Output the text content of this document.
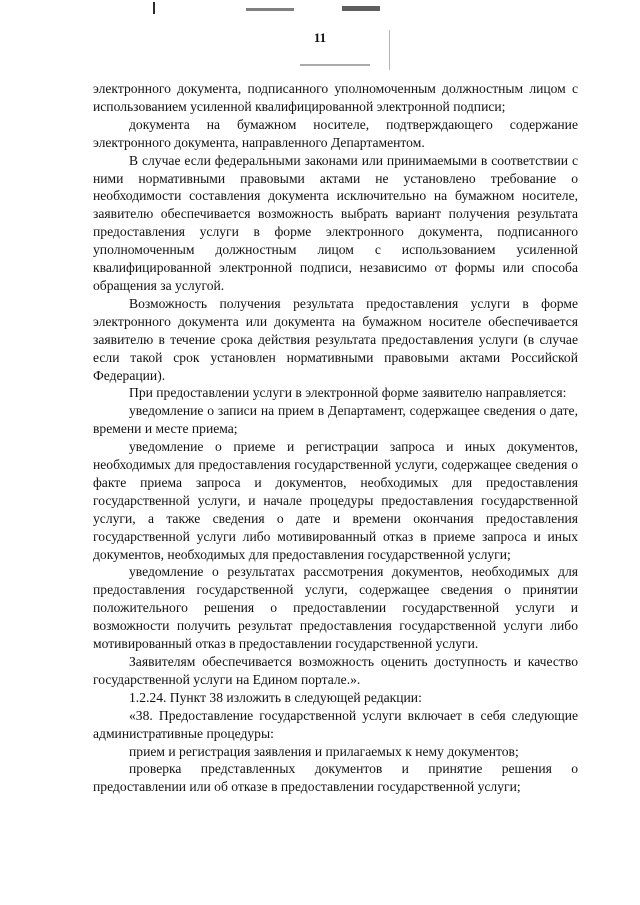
11

электронного документа, подписанного уполномоченным должностным лицом с использованием усиленной квалифицированной электронной подписи;

документа на бумажном носителе, подтверждающего содержание электронного документа, направленного Департаментом.

В случае если федеральными законами или принимаемыми в соответствии с ними нормативными правовыми актами не установлено требование о необходимости составления документа исключительно на бумажном носителе, заявителю обеспечивается возможность выбрать вариант получения результата предоставления услуги в форме электронного документа, подписанного уполномоченным должностным лицом с использованием усиленной квалифицированной электронной подписи, независимо от формы или способа обращения за услугой.

Возможность получения результата предоставления услуги в форме электронного документа или документа на бумажном носителе обеспечивается заявителю в течение срока действия результата предоставления услуги (в случае если такой срок установлен нормативными правовыми актами Российской Федерации).

При предоставлении услуги в электронной форме заявителю направляется:

уведомление о записи на прием в Департамент, содержащее сведения о дате, времени и месте приема;

уведомление о приеме и регистрации запроса и иных документов, необходимых для предоставления государственной услуги, содержащее сведения о факте приема запроса и документов, необходимых для предоставления государственной услуги, и начале процедуры предоставления государственной услуги, а также сведения о дате и времени окончания предоставления государственной услуги либо мотивированный отказ в приеме запроса и иных документов, необходимых для предоставления государственной услуги;

уведомление о результатах рассмотрения документов, необходимых для предоставления государственной услуги, содержащее сведения о принятии положительного решения о предоставлении государственной услуги и возможности получить результат предоставления государственной услуги либо мотивированный отказ в предоставлении государственной услуги.

Заявителям обеспечивается возможность оценить доступность и качество государственной услуги на Едином портале.».

1.2.24. Пункт 38 изложить в следующей редакции:

«38. Предоставление государственной услуги включает в себя следующие административные процедуры:

прием и регистрация заявления и прилагаемых к нему документов;

проверка представленных документов и принятие решения о предоставлении или об отказе в предоставлении государственной услуги;
